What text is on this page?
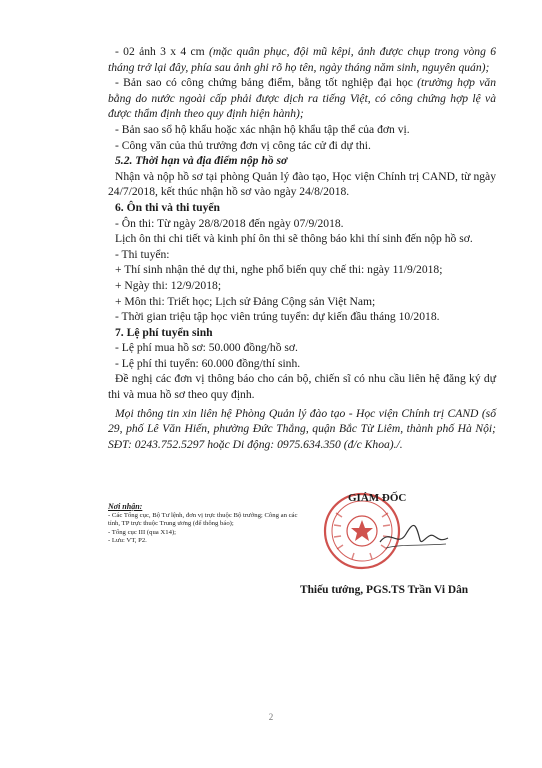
- 02 ảnh 3 x 4 cm (mặc quân phục, đội mũ kêpi, ảnh được chụp trong vòng 6 tháng trở lại đây, phía sau ảnh ghi rõ họ tên, ngày tháng năm sinh, nguyên quán);

- Bản sao có công chứng bảng điểm, bằng tốt nghiệp đại học (trường hợp văn bằng do nước ngoài cấp phải được dịch ra tiếng Việt, có công chứng hợp lệ và được thẩm định theo quy định hiện hành);

- Bản sao sổ hộ khẩu hoặc xác nhận hộ khẩu tập thể của đơn vị.

- Công văn của thủ trưởng đơn vị công tác cử đi dự thi.

5.2. Thời hạn và địa điểm nộp hồ sơ

Nhận và nộp hồ sơ tại phòng Quản lý đào tạo, Học viện Chính trị CAND, từ ngày 24/7/2018, kết thúc nhận hồ sơ vào ngày 24/8/2018.

6. Ôn thi và thi tuyển

- Ôn thi: Từ ngày 28/8/2018 đến ngày 07/9/2018.

Lịch ôn thi chi tiết và kinh phí ôn thi sẽ thông báo khi thí sinh đến nộp hồ sơ.

- Thi tuyển:

+ Thí sinh nhận thẻ dự thi, nghe phổ biến quy chế thi: ngày 11/9/2018;

+ Ngày thi: 12/9/2018;

+ Môn thi: Triết học; Lịch sử Đảng Cộng sản Việt Nam;

- Thời gian triệu tập học viên trúng tuyển: dự kiến đầu tháng 10/2018.

7. Lệ phí tuyển sinh

- Lệ phí mua hồ sơ: 50.000 đồng/hồ sơ.

- Lệ phí thi tuyển: 60.000 đồng/thí sinh.

Đề nghị các đơn vị thông báo cho cán bộ, chiến sĩ có nhu cầu liên hệ đăng ký dự thi và mua hồ sơ theo quy định.

Mọi thông tin xin liên hệ Phòng Quản lý đào tạo - Học viện Chính trị CAND (số 29, phố Lê Văn Hiến, phường Đức Thắng, quận Bắc Từ Liêm, thành phố Hà Nội; SĐT: 0243.752.5297 hoặc Di động: 0975.634.350 (đ/c Khoa)./.

Nơi nhận:

- Các Tổng cục, Bộ Tư lệnh, đơn vị trực thuộc Bộ trưởng; Công an các tỉnh, TP trực thuộc Trung ương (để thông báo);

- Tổng cục III (qua X14);

- Lưu: VT, P2.

GIÁM ĐỐC
Thiếu tướng, PGS.TS Trần Vi Dân
2
